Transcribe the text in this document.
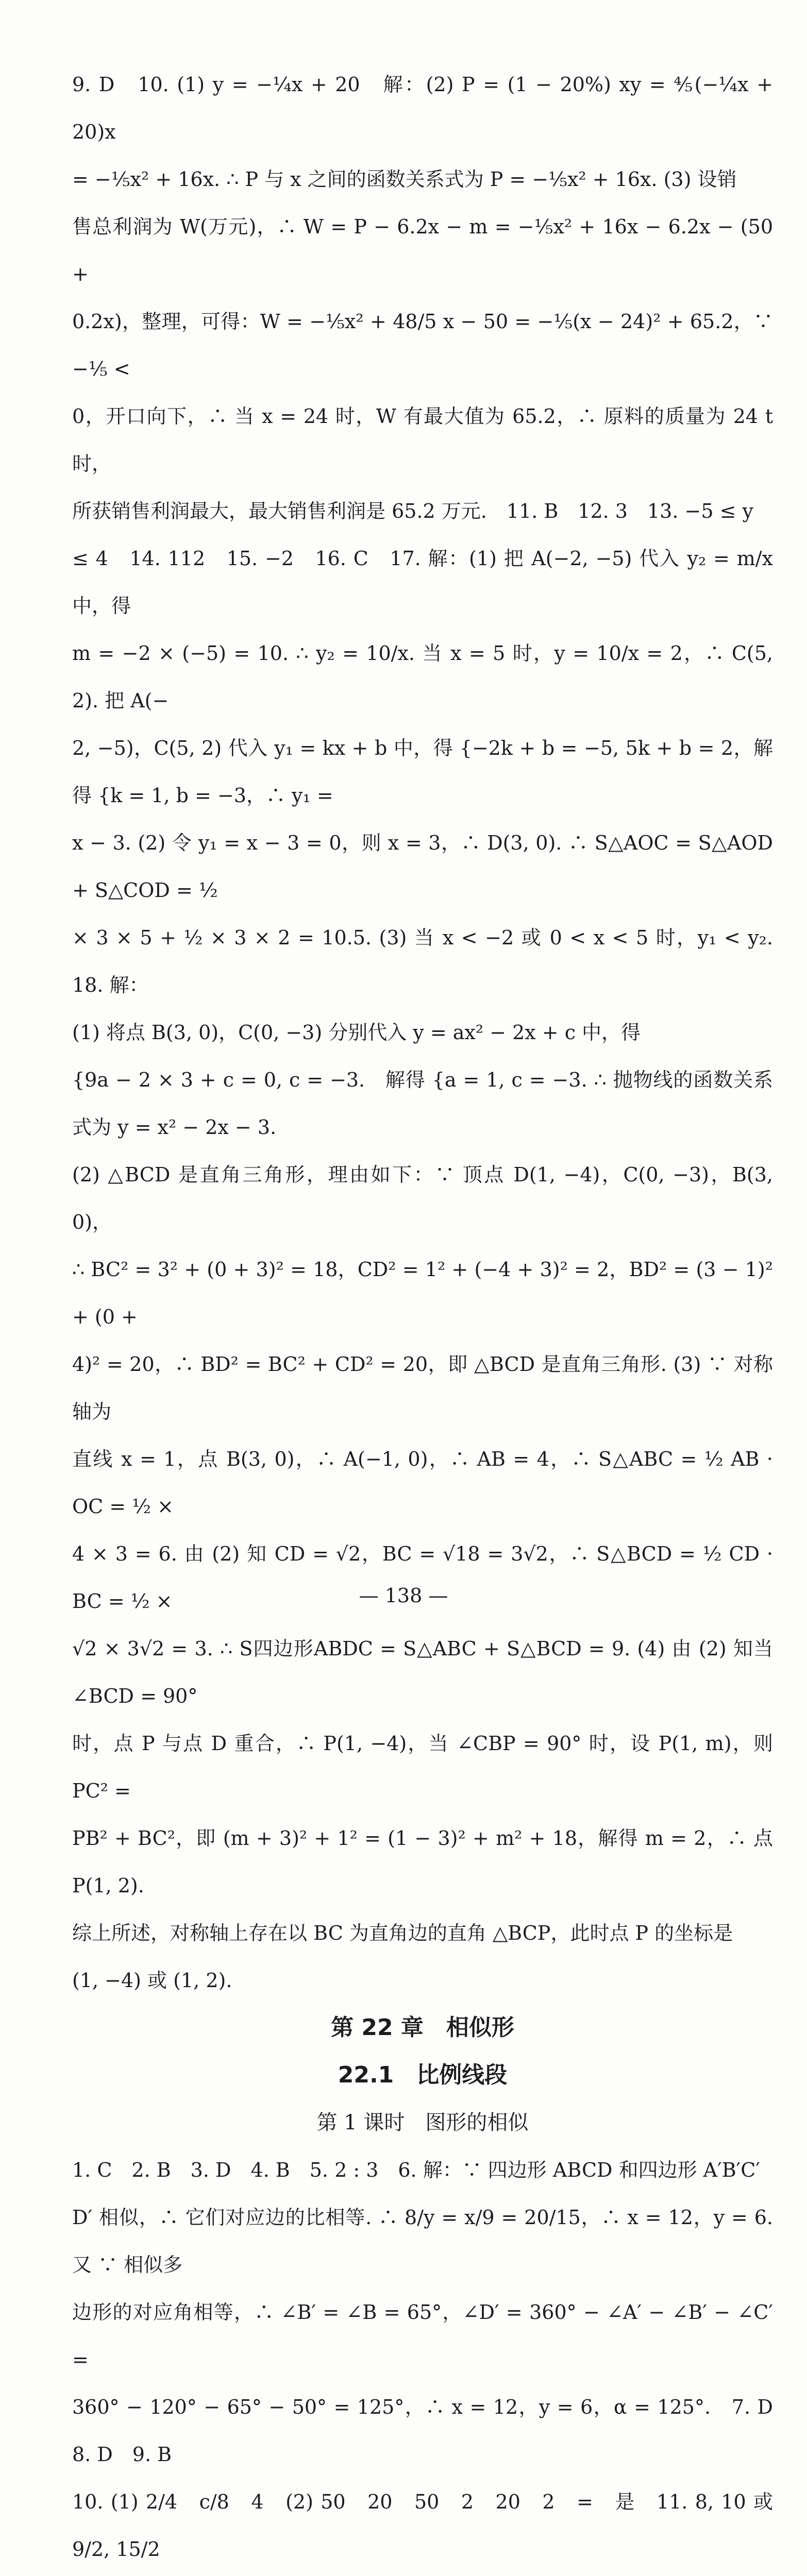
9. D　10. (1) y = −¼x + 20　解：(2) P = (1 − 20%) xy = ⅘(−¼x + 20)x

= −⅕x² + 16x. ∴ P 与 x 之间的函数关系式为 P = −⅕x² + 16x. (3) 设销

售总利润为 W(万元)，∴ W = P − 6.2x − m = −⅕x² + 16x − 6.2x − (50 +

0.2x)，整理，可得：W = −⅕x² + 48/5 x − 50 = −⅕(x − 24)² + 65.2，∵ −⅕ <

0，开口向下，∴ 当 x = 24 时，W 有最大值为 65.2，∴ 原料的质量为 24 t 时，

所获销售利润最大，最大销售利润是 65.2 万元.　11. B　12. 3　13. −5 ≤ y

≤ 4　14. 112　15. −2　16. C　17. 解：(1) 把 A(−2, −5) 代入 y₂ = m/x 中，得

m = −2 × (−5) = 10. ∴ y₂ = 10/x. 当 x = 5 时，y = 10/x = 2，∴ C(5, 2). 把 A(−

2, −5)，C(5, 2) 代入 y₁ = kx + b 中，得 {−2k + b = −5, 5k + b = 2，解得 {k = 1, b = −3，∴ y₁ =

x − 3. (2) 令 y₁ = x − 3 = 0，则 x = 3，∴ D(3, 0). ∴ S△AOC = S△AOD + S△COD = ½

× 3 × 5 + ½ × 3 × 2 = 10.5. (3) 当 x < −2 或 0 < x < 5 时，y₁ < y₂.　18. 解：

(1) 将点 B(3, 0)，C(0, −3) 分别代入 y = ax² − 2x + c 中，得

{9a − 2 × 3 + c = 0, c = −3.　解得 {a = 1, c = −3. ∴ 抛物线的函数关系式为 y = x² − 2x − 3.

(2) △BCD 是直角三角形，理由如下：∵ 顶点 D(1, −4)，C(0, −3)，B(3, 0)，

∴ BC² = 3² + (0 + 3)² = 18，CD² = 1² + (−4 + 3)² = 2，BD² = (3 − 1)² + (0 +

4)² = 20，∴ BD² = BC² + CD² = 20，即 △BCD 是直角三角形. (3) ∵ 对称轴为

直线 x = 1，点 B(3, 0)，∴ A(−1, 0)，∴ AB = 4，∴ S△ABC = ½ AB · OC = ½ ×

4 × 3 = 6. 由 (2) 知 CD = √2，BC = √18 = 3√2，∴ S△BCD = ½ CD · BC = ½ ×

√2 × 3√2 = 3. ∴ S四边形ABDC = S△ABC + S△BCD = 9. (4) 由 (2) 知当 ∠BCD = 90°

时，点 P 与点 D 重合，∴ P(1, −4)，当 ∠CBP = 90° 时，设 P(1, m)，则 PC² =

PB² + BC²，即 (m + 3)² + 1² = (1 − 3)² + m² + 18，解得 m = 2，∴ 点 P(1, 2).

综上所述，对称轴上存在以 BC 为直角边的直角 △BCP，此时点 P 的坐标是

(1, −4) 或 (1, 2).

第 22 章　相似形

22.1　比例线段

第 1 课时　图形的相似

1. C　2. B　3. D　4. B　5. 2 : 3　6. 解：∵ 四边形 ABCD 和四边形 A′B′C′

D′ 相似，∴ 它们对应边的比相等. ∴ 8/y = x/9 = 20/15，∴ x = 12，y = 6. 又 ∵ 相似多

边形的对应角相等，∴ ∠B′ = ∠B = 65°，∠D′ = 360° − ∠A′ − ∠B′ − ∠C′ =

360° − 120° − 65° − 50° = 125°，∴ x = 12，y = 6，α = 125°.　7. D　8. D　9. B

10. (1) 2/4　c/8　4　(2) 50　20　50　2　20　2　=　是　11. 8, 10 或 9/2, 15/2

— 138 —
